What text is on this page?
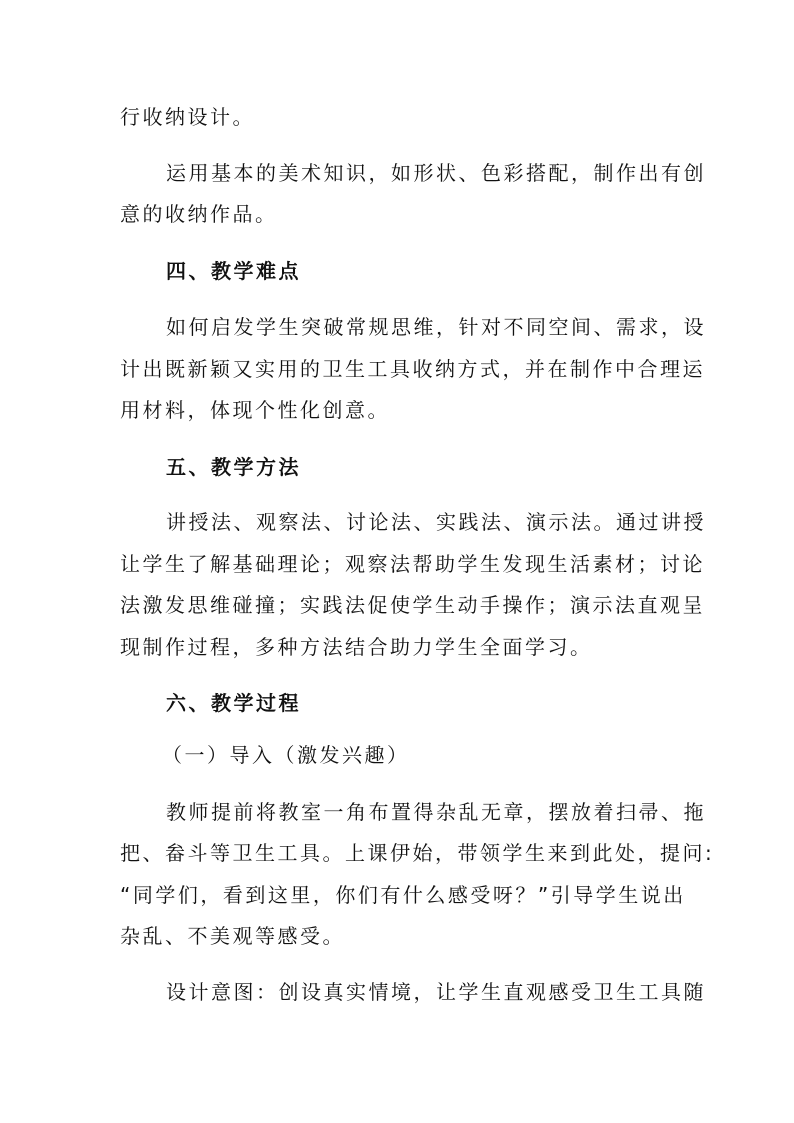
行收纳设计。
运用基本的美术知识，如形状、色彩搭配，制作出有创
意的收纳作品。
四、教学难点
如何启发学生突破常规思维，针对不同空间、需求，设
计出既新颖又实用的卫生工具收纳方式，并在制作中合理运
用材料，体现个性化创意。
五、教学方法
讲授法、观察法、讨论法、实践法、演示法。通过讲授
让学生了解基础理论；观察法帮助学生发现生活素材；讨论
法激发思维碰撞；实践法促使学生动手操作；演示法直观呈
现制作过程，多种方法结合助力学生全面学习。
六、教学过程
（一）导入（激发兴趣）
教师提前将教室一角布置得杂乱无章，摆放着扫帚、拖
把、畚斗等卫生工具。上课伊始，带领学生来到此处，提问:
“同学们，看到这里，你们有什么感受呀？”引导学生说出
杂乱、不美观等感受。
设计意图：创设真实情境，让学生直观感受卫生工具随
